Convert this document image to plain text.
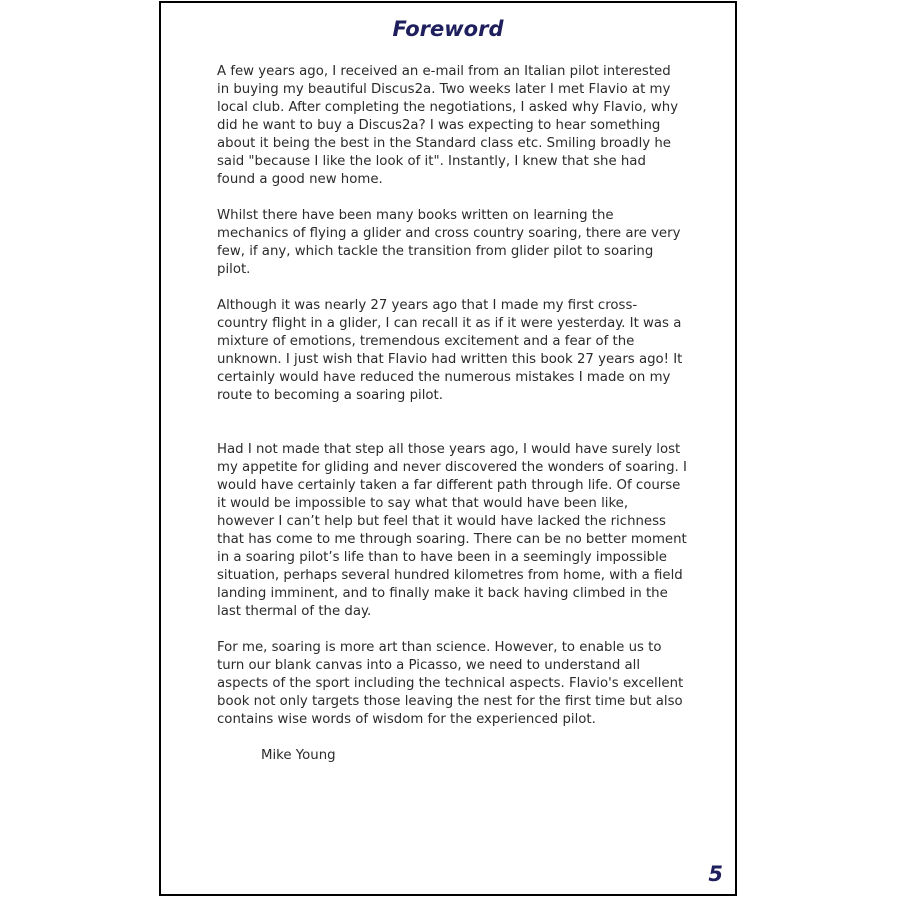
Foreword

A few years ago, I received an e-mail from an Italian pilot interested in buying my beautiful Discus2a. Two weeks later I met Flavio at my local club. After completing the negotiations, I asked why Flavio, why did he want to buy a Discus2a? I was expecting to hear something about it being the best in the Standard class etc. Smiling broadly he said "because I like the look of it". Instantly, I knew that she had found a good new home.

Whilst there have been many books written on learning the mechanics of flying a glider and cross country soaring, there are very few, if any, which tackle the transition from glider pilot to soaring pilot.

Although it was nearly 27 years ago that I made my first cross-country flight in a glider, I can recall it as if it were yesterday. It was a mixture of emotions, tremendous excitement and a fear of the unknown. I just wish that Flavio had written this book 27 years ago! It certainly would have reduced the numerous mistakes I made on my route to becoming a soaring pilot.

Had I not made that step all those years ago, I would have surely lost my appetite for gliding and never discovered the wonders of soaring. I would have certainly taken a far different path through life. Of course it would be impossible to say what that would have been like, however I can’t help but feel that it would have lacked the richness that has come to me through soaring. There can be no better moment in a soaring pilot’s life than to have been in a seemingly impossible situation, perhaps several hundred kilometres from home, with a field landing imminent, and to finally make it back having climbed in the last thermal of the day.

For me, soaring is more art than science. However, to enable us to turn our blank canvas into a Picasso, we need to understand all aspects of the sport including the technical aspects. Flavio's excellent book not only targets those leaving the nest for the first time but also contains wise words of wisdom for the experienced pilot.

Mike Young

5
